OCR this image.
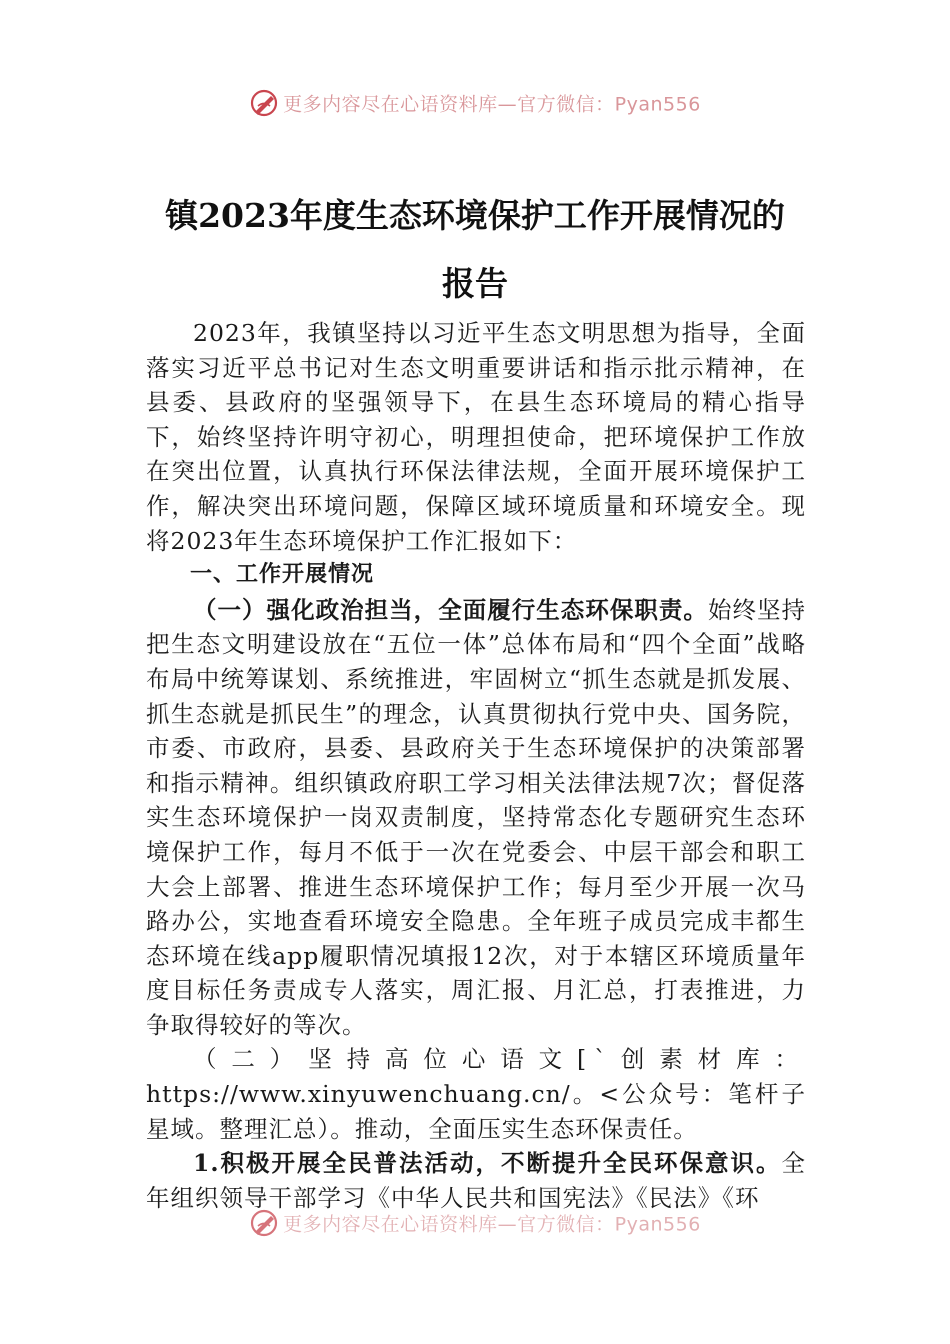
更多内容尽在心语资料库—官方微信：Pyan556
镇2023年度生态环境保护工作开展情况的
报告

2023年，我镇坚持以习近平生态文明思想为指导，全面落实习近平总书记对生态文明重要讲话和指示批示精神，在县委、县政府的坚强领导下，在县生态环境局的精心指导下，始终坚持许明守初心，明理担使命，把环境保护工作放在突出位置，认真执行环保法律法规，全面开展环境保护工作，解决突出环境问题，保障区域环境质量和环境安全。现将2023年生态环境保护工作汇报如下：

一、工作开展情况

（一）强化政治担当，全面履行生态环保职责。始终坚持把生态文明建设放在“五位一体”总体布局和“四个全面”战略布局中统筹谋划、系统推进，牢固树立“抓生态就是抓发展、抓生态就是抓民生”的理念，认真贯彻执行党中央、国务院，市委、市政府，县委、县政府关于生态环境保护的决策部署和指示精神。组织镇政府职工学习相关法律法规7次；督促落实生态环境保护一岗双责制度，坚持常态化专题研究生态环境保护工作，每月不低于一次在党委会、中层干部会和职工大会上部署、推进生态环境保护工作；每月至少开展一次马路办公，实地查看环境安全隐患。全年班子成员完成丰都生态环境在线app履职情况填报12次，对于本辖区环境质量年度目标任务责成专人落实，周汇报、月汇总，打表推进，力争取得较好的等次。

（二）坚持高位心语文[`创素材库：https://www.xinyuwenchuang.cn/。<公众号：笔杆子星域。整理汇总）。推动，全面压实生态环保责任。

1.积极开展全民普法活动，不断提升全民环保意识。全年组织领导干部学习《中华人民共和国宪法》《民法》《环

更多内容尽在心语资料库—官方微信：Pyan556
